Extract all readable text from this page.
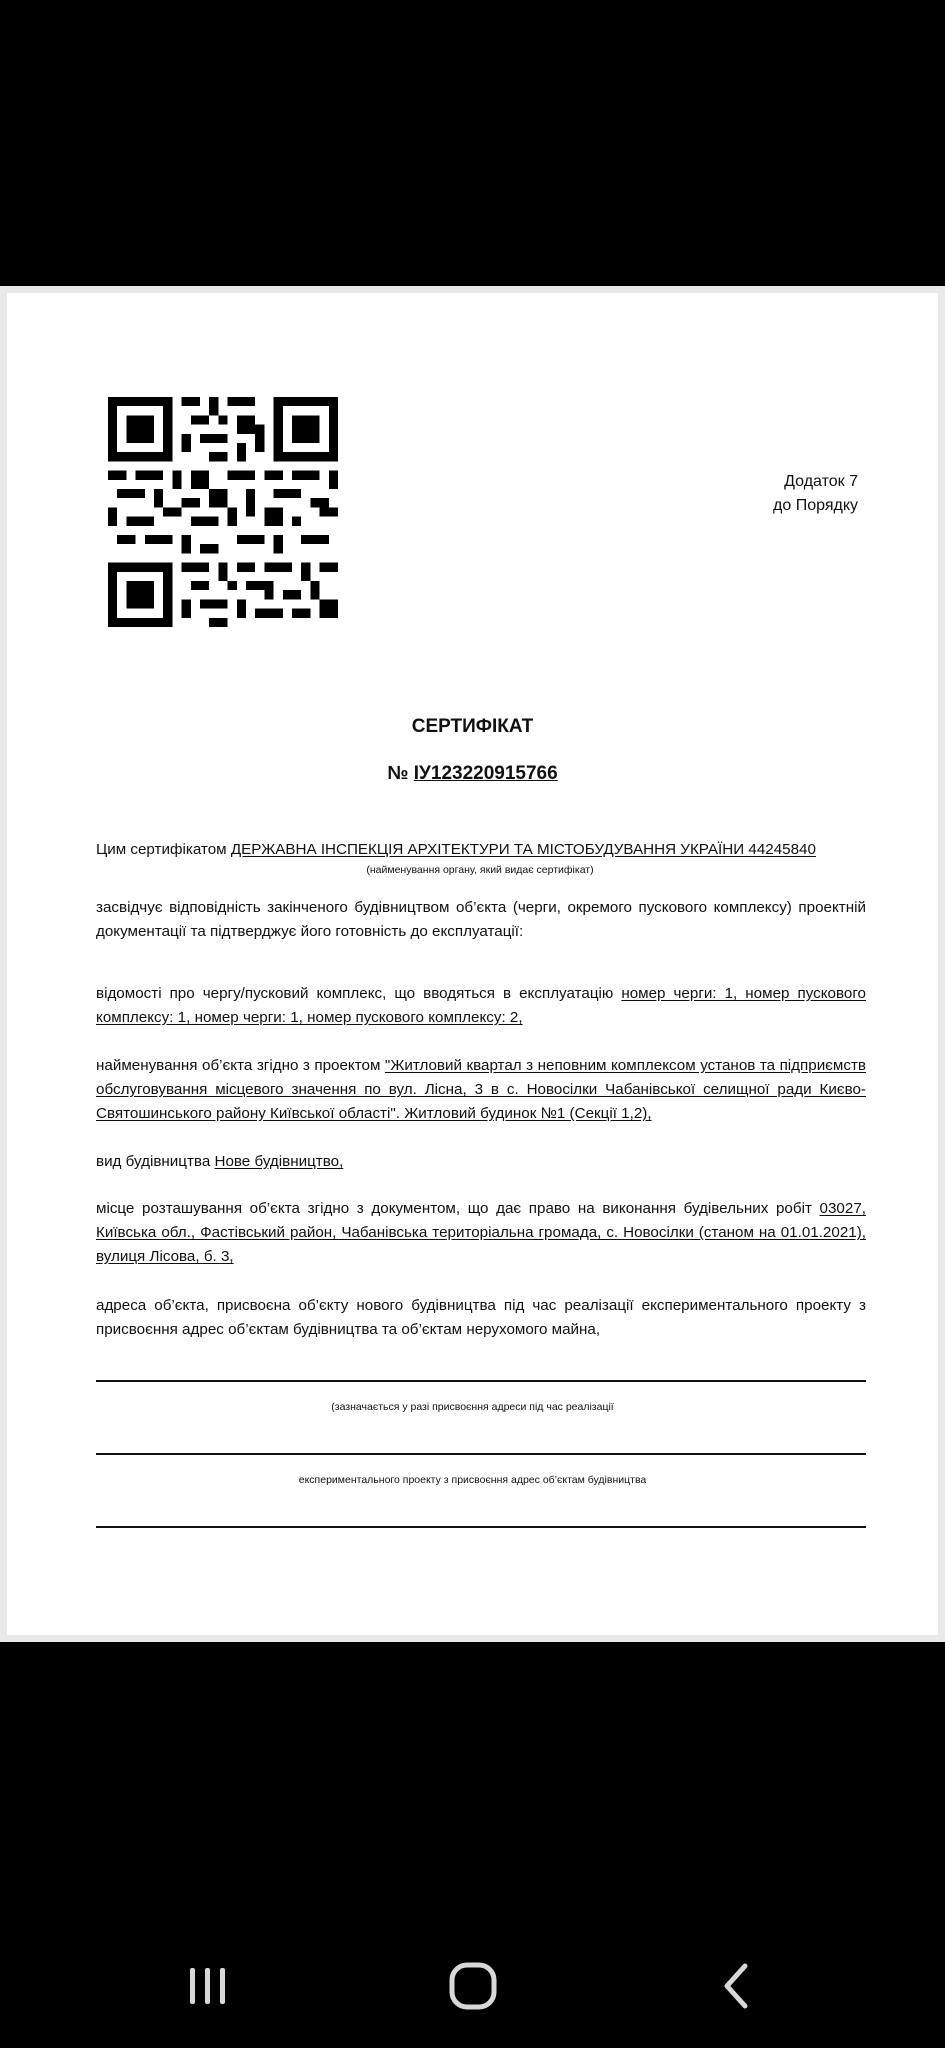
Додаток 7
до Порядку
СЕРТИФІКАТ
№ ІУ123220915766
Цим сертифікатом ДЕРЖАВНА ІНСПЕКЦІЯ АРХІТЕКТУРИ ТА МІСТОБУДУВАННЯ УКРАЇНИ 44245840
(найменування органу, який видає сертифікат)
засвідчує відповідність закінченого будівництвом об’єкта (черги, окремого пускового комплексу) проектній документації та підтверджує його готовність до експлуатації:
відомості про чергу/пусковий комплекс, що вводяться в експлуатацію номер черги: 1, номер пускового комплексу: 1, номер черги: 1, номер пускового комплексу: 2,
найменування об’єкта згідно з проектом "Житловий квартал з неповним комплексом установ та підприємств обслуговування місцевого значення по вул. Лісна, 3 в с. Новосілки Чабанівської селищної ради Києво-Святошинського району Київської області". Житловий будинок №1 (Секції 1,2),
вид будівництва Нове будівництво,
місце розташування об’єкта згідно з документом, що дає право на виконання будівельних робіт 03027, Київська обл., Фастівський район, Чабанівська територіальна громада, с. Новосілки (станом на 01.01.2021), вулиця Лісова, б. 3,
адреса об’єкта, присвоєна об’єкту нового будівництва під час реалізації експериментального проекту з присвоєння адрес об’єктам будівництва та об’єктам нерухомого майна,
(зазначається у разі присвоєння адреси під час реалізації
експериментального проекту з присвоєння адрес об’єктам будівництва
